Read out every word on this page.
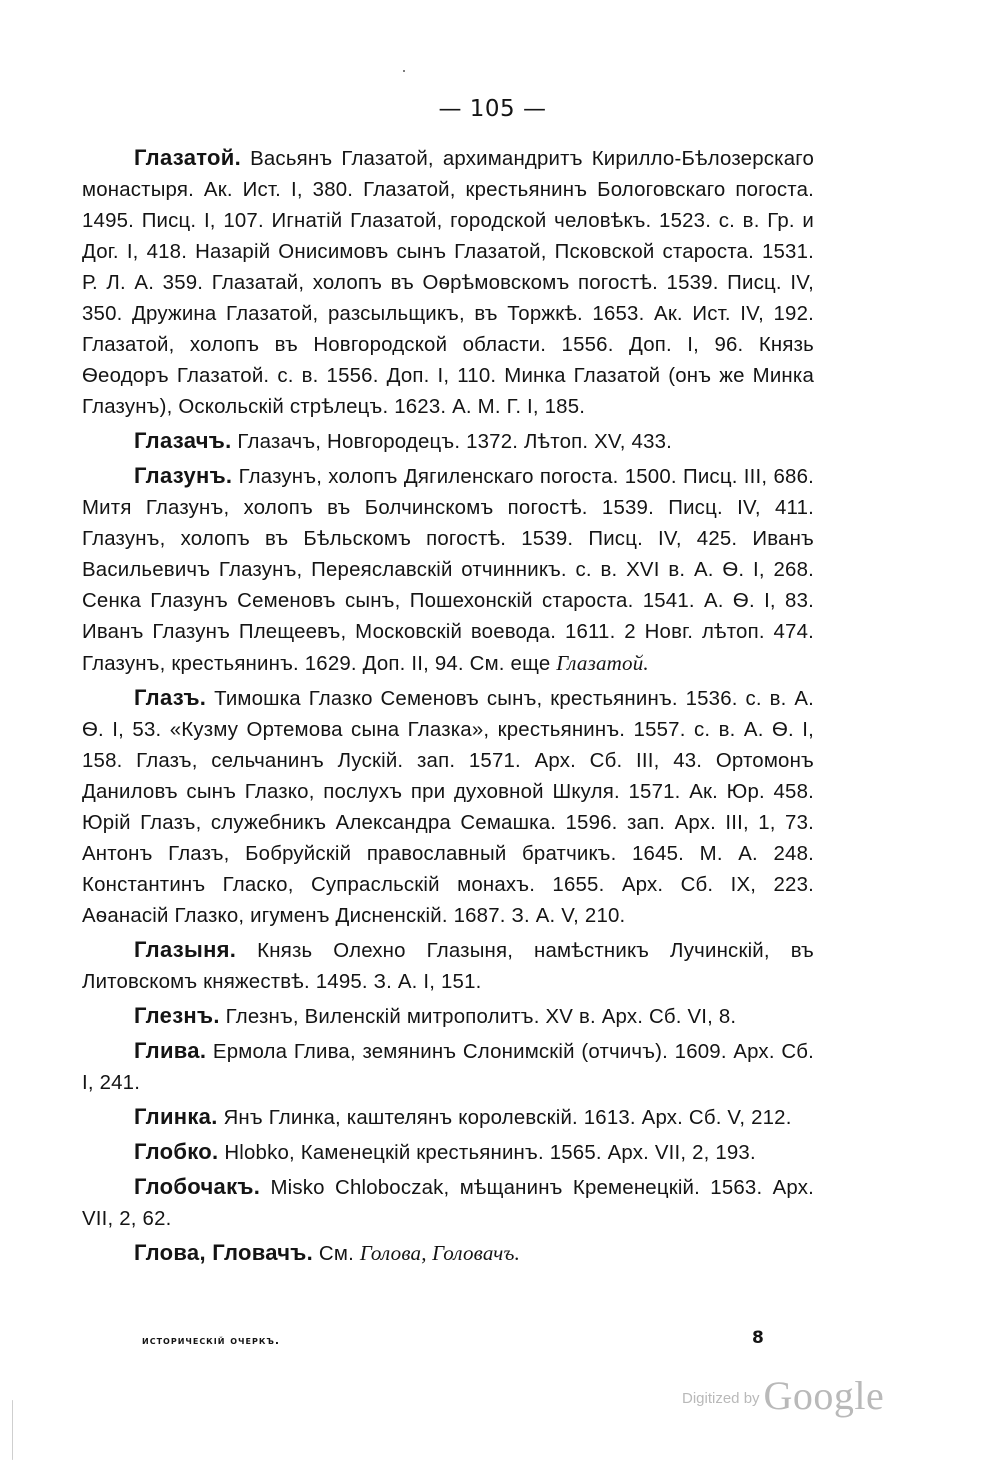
— 105 —

Глазатой. Васьянъ Глазатой, архимандритъ Кирилло-Бѣлозерскаго монастыря. Ак. Ист. I, 380. Глазатой, крестьянинъ Бологовскаго погоста. 1495. Писц. I, 107. Игнатій Глазатой, городской человѣкъ. 1523. с. в. Гр. и Дог. I, 418. Назарій Онисимовъ сынъ Глазатой, Псковской староста. 1531. Р. Л. А. 359. Глазатай, холопъ въ Оѳрѣмовскомъ погостѣ. 1539. Писц. IV, 350. Дружина Глазатой, разсыльщикъ, въ Торжкѣ. 1653. Ак. Ист. IV, 192. Глазатой, холопъ въ Новгородской области. 1556. Доп. I, 96. Князь Ѳеодоръ Глазатой. с. в. 1556. Доп. I, 110. Минка Глазатой (онъ же Минка Глазунъ), Оскольскій стрѣлецъ. 1623. А. М. Г. I, 185.

Глазачъ. Глазачъ, Новгородецъ. 1372. Лѣтоп. XV, 433.

Глазунъ. Глазунъ, холопъ Дягиленскаго погоста. 1500. Писц. III, 686. Митя Глазунъ, холопъ въ Болчинскомъ погостѣ. 1539. Писц. IV, 411. Глазунъ, холопъ въ Бѣльскомъ погостѣ. 1539. Писц. IV, 425. Иванъ Васильевичъ Глазунъ, Переяславскій отчинникъ. с. в. XVI в. А. Ѳ. I, 268. Сенка Глазунъ Семеновъ сынъ, Пошехонскій староста. 1541. А. Ѳ. I, 83. Иванъ Глазунъ Плещеевъ, Московскій воевода. 1611. 2 Новг. лѣтоп. 474. Глазунъ, крестьянинъ. 1629. Доп. II, 94. См. еще Глазатой.

Глазъ. Тимошка Глазко Семеновъ сынъ, крестьянинъ. 1536. с. в. А. Ѳ. I, 53. «Кузму Ортемова сына Глазка», крестьянинъ. 1557. с. в. А. Ѳ. I, 158. Глазъ, сельчанинъ Лускій. зап. 1571. Арх. Сб. III, 43. Ортомонъ Даниловъ сынъ Глазко, послухъ при духовной Шкуля. 1571. Ак. Юр. 458. Юрій Глазъ, служебникъ Александра Семашка. 1596. зап. Арх. III, 1, 73. Антонъ Глазъ, Бобруйскій православный братчикъ. 1645. М. А. 248. Константинъ Гласко, Супрасльскій монахъ. 1655. Арх. Сб. IX, 223. Аѳанасій Глазко, игуменъ Дисненскій. 1687. З. А. V, 210.

Глазыня. Князь Олехно Глазыня, намѣстникъ Лучинскій, въ Литовскомъ княжествѣ. 1495. З. А. I, 151.

Глезнъ. Глезнъ, Виленскій митрополитъ. XV в. Арх. Сб. VI, 8.

Глива. Ермола Глива, земянинъ Слонимскій (отчичъ). 1609. Арх. Сб. I, 241.

Глинка. Янъ Глинка, каштелянъ королевскій. 1613. Арх. Сб. V, 212.

Глобко. Hlobko, Каменецкій крестьянинъ. 1565. Арх. VII, 2, 193.

Глобочакъ. Misko Chloboczak, мѣщанинъ Кременецкій. 1563. Арх. VII, 2, 62.

Глова, Гловачъ. См. Голова, Головачъ.

историческій очеркъ.	8
Digitized by Google
